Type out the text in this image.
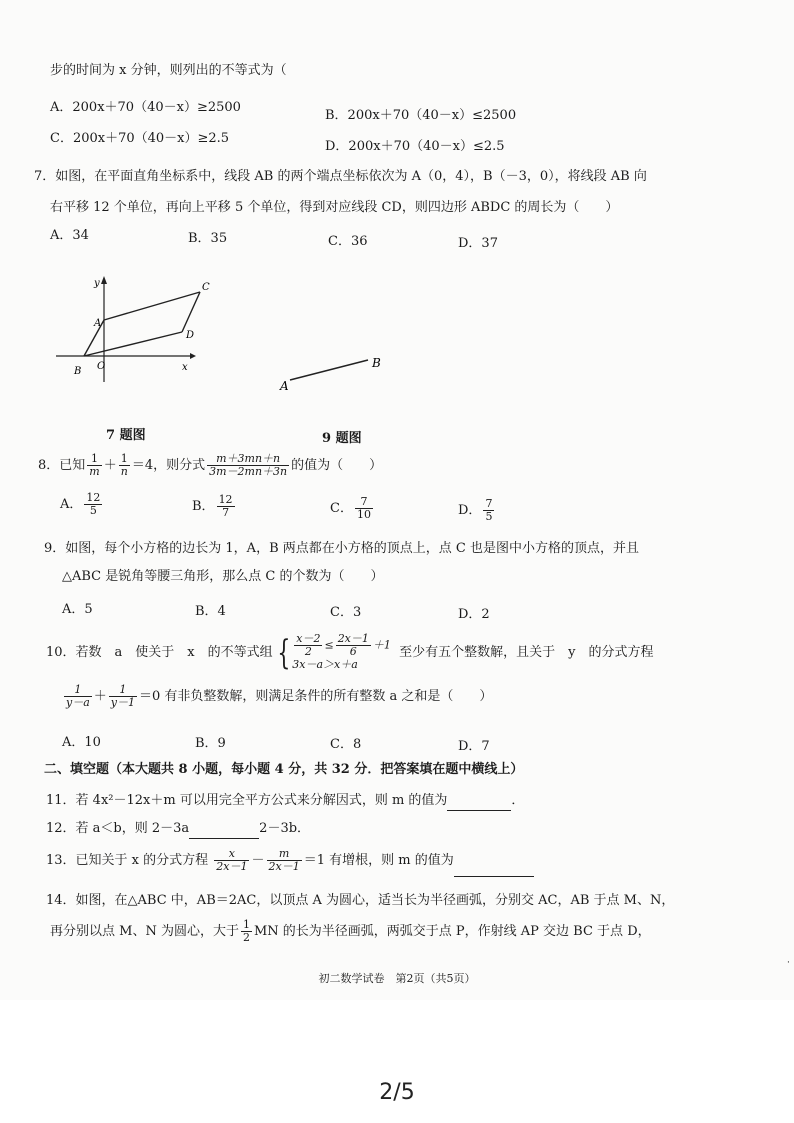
步的时间为 x 分钟，则列出的不等式为（
A．200x＋70（40－x）≥2500
B．200x＋70（40－x）≤2500
C．200x＋70（40－x）≥2.5
D．200x＋70（40－x）≤2.5
7．如图，在平面直角坐标系中，线段 AB 的两个端点坐标依次为 A（0，4），B（－3，0），将线段 AB 向
右平移 12 个单位，再向上平移 5 个单位，得到对应线段 CD，则四边形 ABDC 的周长为（　　）
A．34	B．35	C．36	D．37
y
x
A
B
C
D
O
7 题图
A
B
9 题图
8．已知 $\frac{1}{m} + \frac{1}{n} =4$，则分式 $\frac{m+3mn+n}{3m-2mn+3n}$ 的值为（　　）
A． $\frac{12}{5}$	B． $\frac{12}{7}$	C． $\frac{7}{10}$	D． $\frac{7}{5}$
9．如图，每个小方格的边长为 1，A，B 两点都在小方格的顶点上，点 C 也是图中小方格的顶点，并且
△ABC 是锐角等腰三角形，那么点 C 的个数为（　　）
A．5	B．4	C．3	D．2
10．若数　a　使关于　x　的不等式组 { $\frac{x-2}{2} \le \frac{2x-1}{6} +1$
3x－a＞x＋a
至少有五个整数解，且关于　y　的分式方程
$\frac{1}{y-a} + \frac{1}{y-1} =0$ 有非负整数解，则满足条件的所有整数 a 之和是（　　）
A．10	B．9	C．8	D．7
二、填空题（本大题共 8 小题，每小题 4 分，共 32 分．把答案填在题中横线上）
11．若 4x²－12x＋m 可以用完全平方公式来分解因式，则 m 的值为	．
12．若 a＜b，则 2－3a	2－3b．
13．已知关于 x 的分式方程 $\frac{x}{2x-1} - \frac{m}{2x-1} =1$ 有增根，则 m 的值为
14．如图，在△ABC 中，AB＝2AC，以顶点 A 为圆心，适当长为半径画弧，分别交 AC，AB 于点 M、N，
再分别以点 M、N 为圆心，大于 $\frac{1}{2}$ MN 的长为半径画弧，两弧交于点 P，作射线 AP 交边 BC 于点 D，
·
初二数学试卷　第2页（共5页）
2/5
